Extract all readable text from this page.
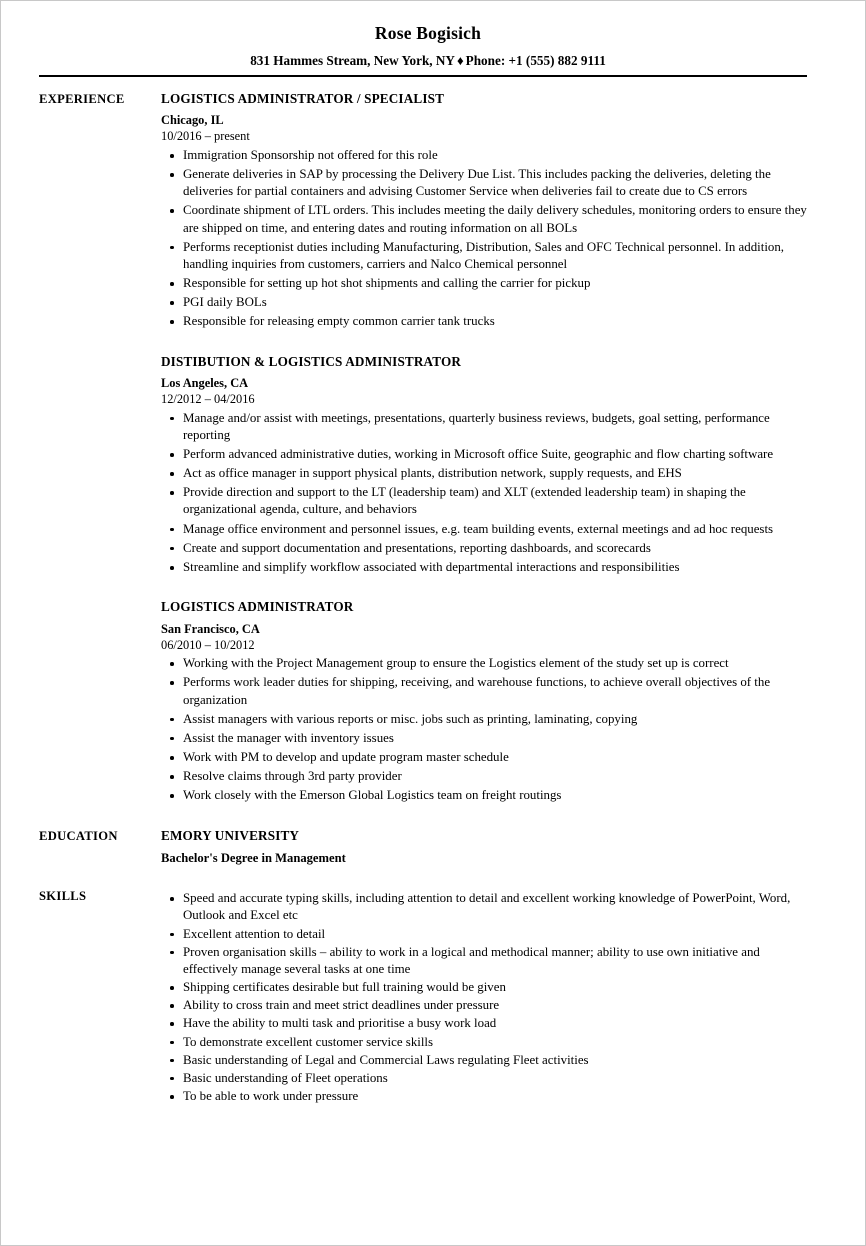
Rose Bogisich
831 Hammes Stream, New York, NY ♦ Phone: +1 (555) 882 9111
EXPERIENCE	LOGISTICS ADMINISTRATOR / SPECIALIST
Chicago, IL
10/2016 – present
Immigration Sponsorship not offered for this role
Generate deliveries in SAP by processing the Delivery Due List. This includes packing the deliveries, deleting the deliveries for partial containers and advising Customer Service when deliveries fail to create due to CS errors
Coordinate shipment of LTL orders. This includes meeting the daily delivery schedules, monitoring orders to ensure they are shipped on time, and entering dates and routing information on all BOLs
Performs receptionist duties including Manufacturing, Distribution, Sales and OFC Technical personnel. In addition, handling inquiries from customers, carriers and Nalco Chemical personnel
Responsible for setting up hot shot shipments and calling the carrier for pickup
PGI daily BOLs
Responsible for releasing empty common carrier tank trucks
DISTIBUTION & LOGISTICS ADMINISTRATOR
Los Angeles, CA
12/2012 – 04/2016
Manage and/or assist with meetings, presentations, quarterly business reviews, budgets, goal setting, performance reporting
Perform advanced administrative duties, working in Microsoft office Suite, geographic and flow charting software
Act as office manager in support physical plants, distribution network, supply requests, and EHS
Provide direction and support to the LT (leadership team) and XLT (extended leadership team) in shaping the organizational agenda, culture, and behaviors
Manage office environment and personnel issues, e.g. team building events, external meetings and ad hoc requests
Create and support documentation and presentations, reporting dashboards, and scorecards
Streamline and simplify workflow associated with departmental interactions and responsibilities
LOGISTICS ADMINISTRATOR
San Francisco, CA
06/2010 – 10/2012
Working with the Project Management group to ensure the Logistics element of the study set up is correct
Performs work leader duties for shipping, receiving, and warehouse functions, to achieve overall objectives of the organization
Assist managers with various reports or misc. jobs such as printing, laminating, copying
Assist the manager with inventory issues
Work with PM to develop and update program master schedule
Resolve claims through 3rd party provider
Work closely with the Emerson Global Logistics team on freight routings
EDUCATION	EMORY UNIVERSITY
Bachelor's Degree in Management
SKILLS	Speed and accurate typing skills, including attention to detail and excellent working knowledge of PowerPoint, Word, Outlook and Excel etc
Excellent attention to detail
Proven organisation skills – ability to work in a logical and methodical manner; ability to use own initiative and effectively manage several tasks at one time
Shipping certificates desirable but full training would be given
Ability to cross train and meet strict deadlines under pressure
Have the ability to multi task and prioritise a busy work load
To demonstrate excellent customer service skills
Basic understanding of Legal and Commercial Laws regulating Fleet activities
Basic understanding of Fleet operations
To be able to work under pressure
